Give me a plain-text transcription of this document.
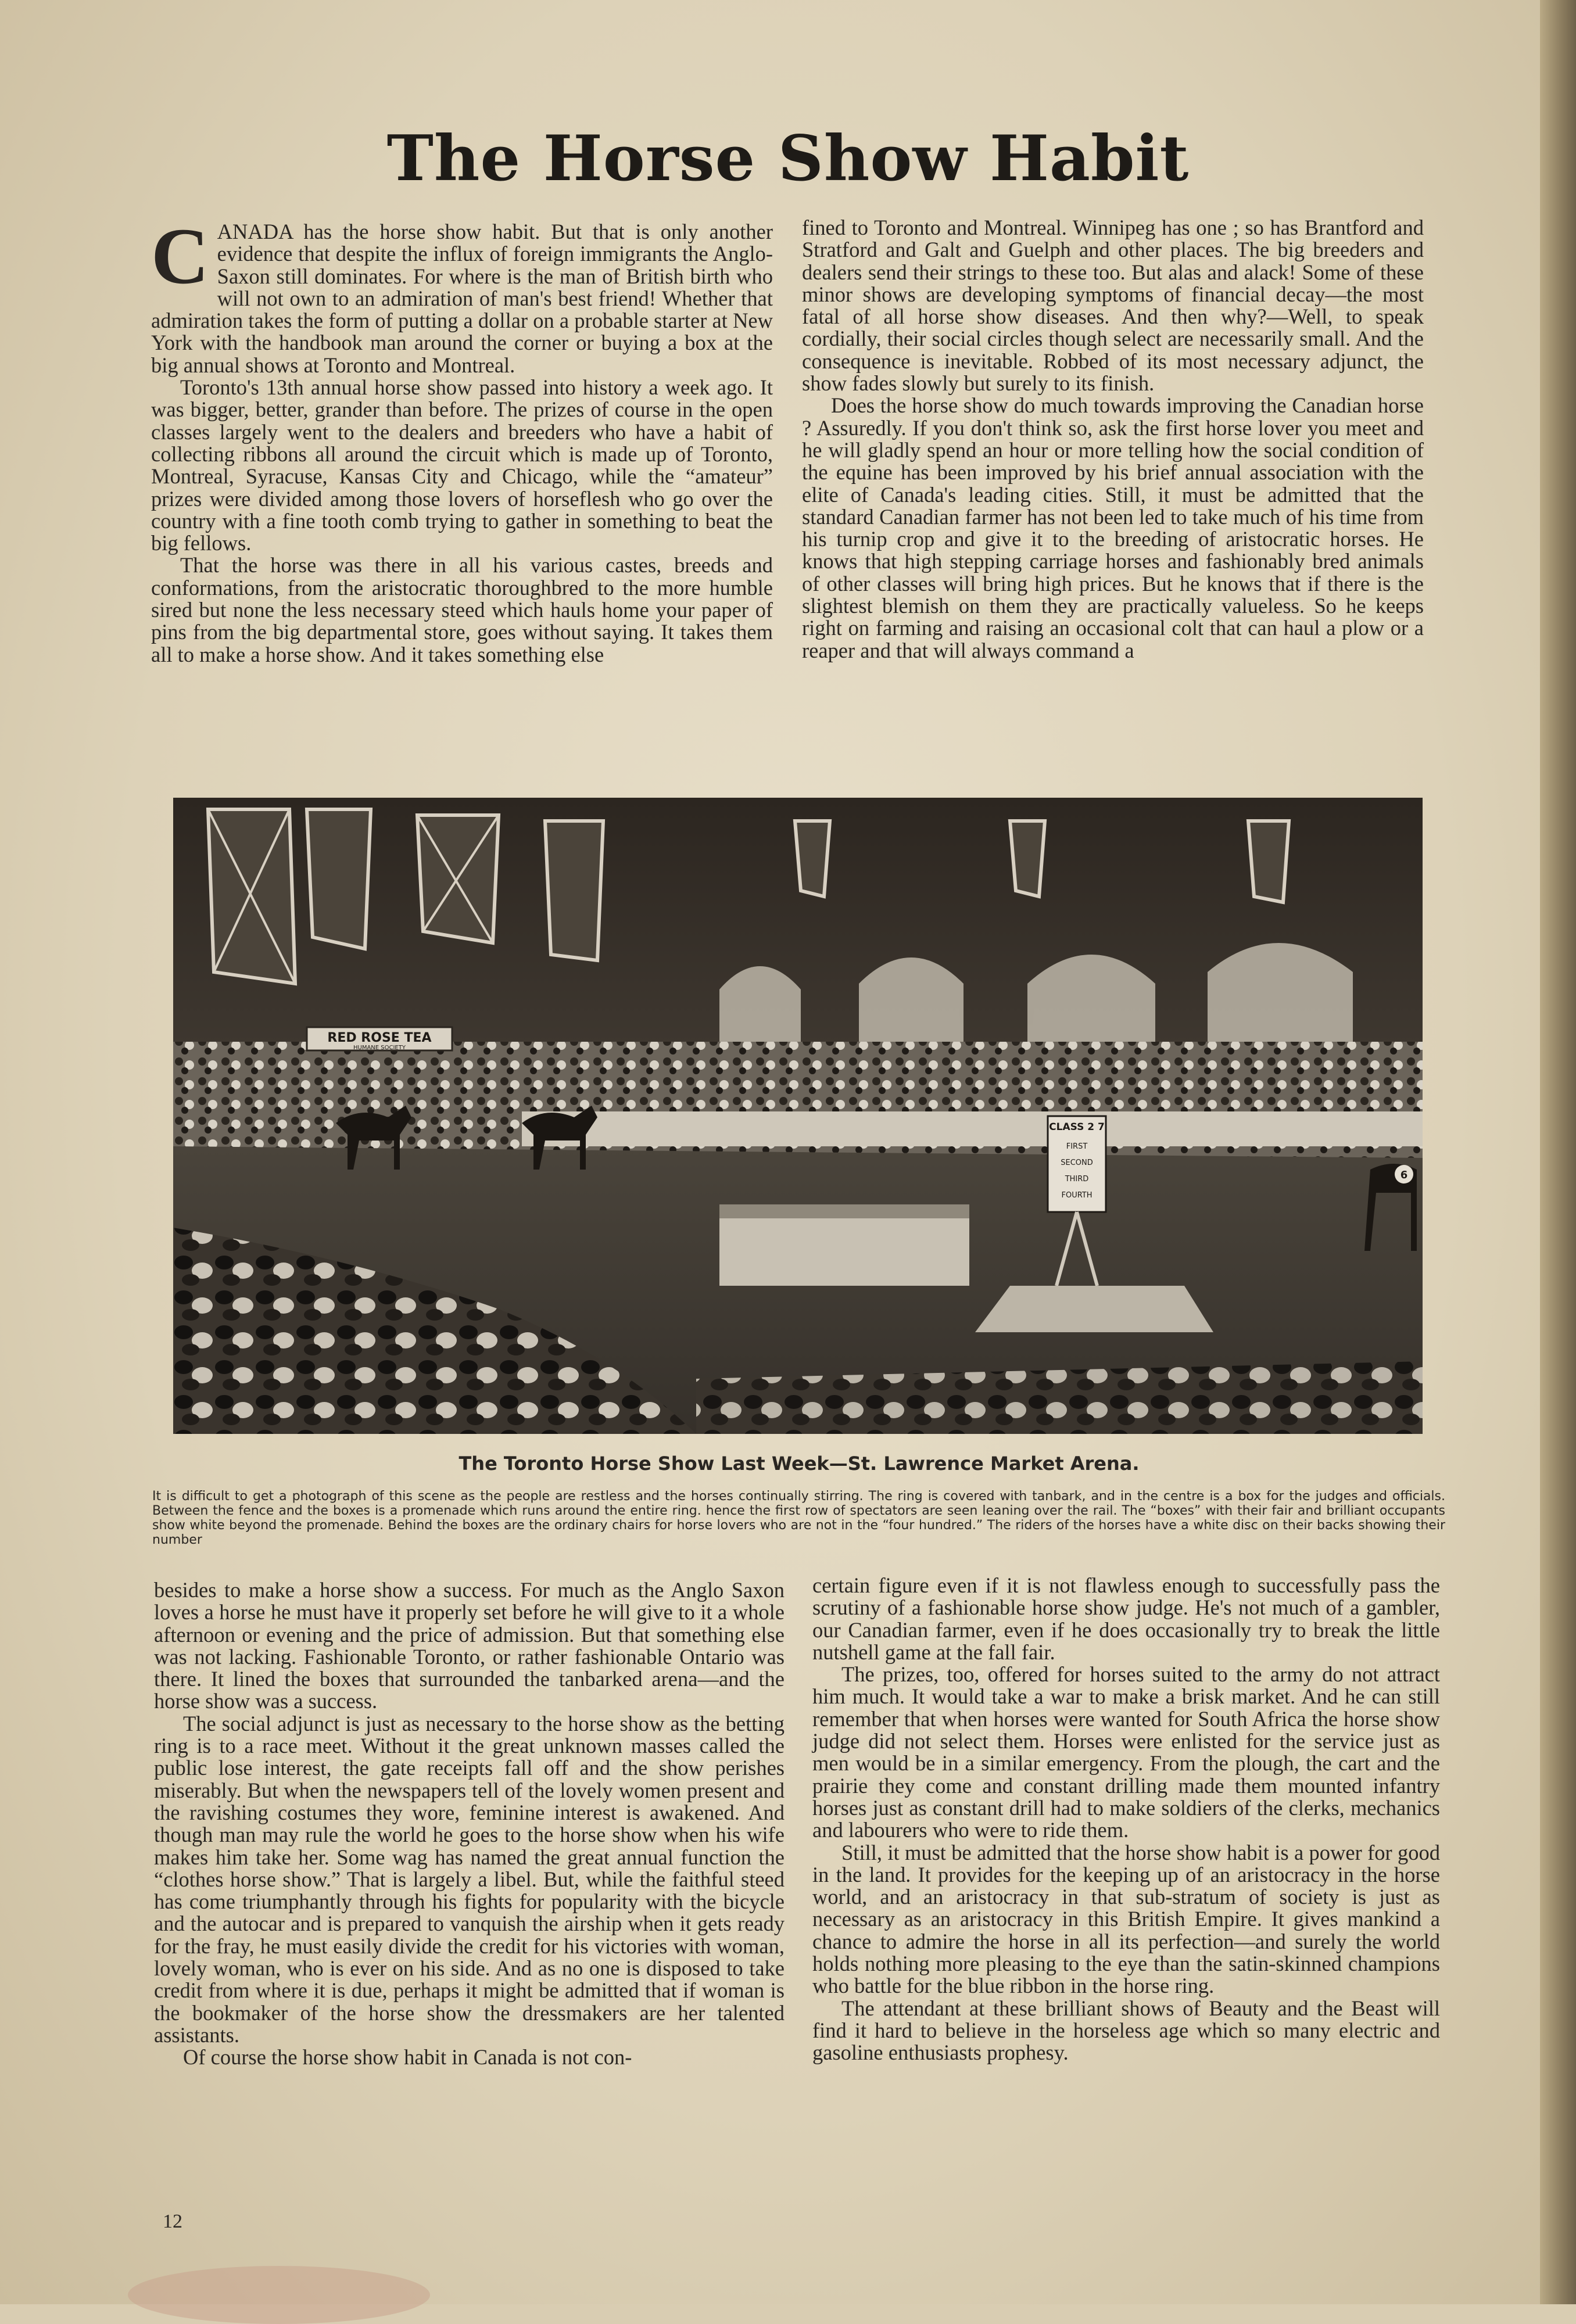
The Horse Show Habit

CANADA has the horse show habit. But that is only another evidence that despite the influx of foreign immigrants the Anglo-Saxon still dominates. For where is the man of British birth who will not own to an admiration of man's best friend! Whether that admiration takes the form of putting a dollar on a probable starter at New York with the handbook man around the corner or buying a box at the big annual shows at Toronto and Montreal.

Toronto's 13th annual horse show passed into history a week ago. It was bigger, better, grander than before. The prizes of course in the open classes largely went to the dealers and breeders who have a habit of collecting ribbons all around the circuit which is made up of Toronto, Montreal, Syracuse, Kansas City and Chicago, while the “amateur” prizes were divided among those lovers of horseflesh who go over the country with a fine tooth comb trying to gather in something to beat the big fellows.

That the horse was there in all his various castes, breeds and conformations, from the aristocratic thoroughbred to the more humble sired but none the less necessary steed which hauls home your paper of pins from the big departmental store, goes without saying. It takes them all to make a horse show. And it takes something else

fined to Toronto and Montreal. Winnipeg has one ; so has Brantford and Stratford and Galt and Guelph and other places. The big breeders and dealers send their strings to these too. But alas and alack! Some of these minor shows are developing symptoms of financial decay—the most fatal of all horse show diseases. And then why?—Well, to speak cordially, their social circles though select are necessarily small. And the consequence is inevitable. Robbed of its most necessary adjunct, the show fades slowly but surely to its finish.

Does the horse show do much towards improving the Canadian horse ? Assuredly. If you don't think so, ask the first horse lover you meet and he will gladly spend an hour or more telling how the social condition of the equine has been improved by his brief annual association with the elite of Canada's leading cities. Still, it must be admitted that the standard Canadian farmer has not been led to take much of his time from his turnip crop and give it to the breeding of aristocratic horses. He knows that high stepping carriage horses and fashionably bred animals of other classes will bring high prices. But he knows that if there is the slightest blemish on them they are practically valueless. So he keeps right on farming and raising an occasional colt that can haul a plow or a reaper and that will always command a

RED ROSE TEA
HUMANE SOCIETY
CLASS 2 7
FIRST
SECOND
THIRD
FOURTH
6
The Toronto Horse Show Last Week—St. Lawrence Market Arena.
It is difficult to get a photograph of this scene as the people are restless and the horses continually stirring. The ring is covered with tanbark, and in the centre is a box for the judges and officials. Between the fence and the boxes is a promenade which runs around the entire ring. hence the first row of spectators are seen leaning over the rail. The “boxes” with their fair and brilliant occupants show white beyond the promenade. Behind the boxes are the ordinary chairs for horse lovers who are not in the “four hundred.” The riders of the horses have a white disc on their backs showing their number

besides to make a horse show a success. For much as the Anglo Saxon loves a horse he must have it properly set before he will give to it a whole afternoon or evening and the price of admission. But that something else was not lacking. Fashionable Toronto, or rather fashionable Ontario was there. It lined the boxes that surrounded the tanbarked arena—and the horse show was a success.

The social adjunct is just as necessary to the horse show as the betting ring is to a race meet. Without it the great unknown masses called the public lose interest, the gate receipts fall off and the show perishes miserably. But when the newspapers tell of the lovely women present and the ravishing costumes they wore, feminine interest is awakened. And though man may rule the world he goes to the horse show when his wife makes him take her. Some wag has named the great annual function the “clothes horse show.” That is largely a libel. But, while the faithful steed has come triumphantly through his fights for popularity with the bicycle and the autocar and is prepared to vanquish the airship when it gets ready for the fray, he must easily divide the credit for his victories with woman, lovely woman, who is ever on his side. And as no one is disposed to take credit from where it is due, perhaps it might be admitted that if woman is the bookmaker of the horse show the dressmakers are her talented assistants.

Of course the horse show habit in Canada is not con-

certain figure even if it is not flawless enough to successfully pass the scrutiny of a fashionable horse show judge. He's not much of a gambler, our Canadian farmer, even if he does occasionally try to break the little nutshell game at the fall fair.

The prizes, too, offered for horses suited to the army do not attract him much. It would take a war to make a brisk market. And he can still remember that when horses were wanted for South Africa the horse show judge did not select them. Horses were enlisted for the service just as men would be in a similar emergency. From the plough, the cart and the prairie they come and constant drilling made them mounted infantry horses just as constant drill had to make soldiers of the clerks, mechanics and labourers who were to ride them.

Still, it must be admitted that the horse show habit is a power for good in the land. It provides for the keeping up of an aristocracy in the horse world, and an aristocracy in that sub-stratum of society is just as necessary as an aristocracy in this British Empire. It gives mankind a chance to admire the horse in all its perfection—and surely the world holds nothing more pleasing to the eye than the satin-skinned champions who battle for the blue ribbon in the horse ring.

The attendant at these brilliant shows of Beauty and the Beast will find it hard to believe in the horseless age which so many electric and gasoline enthusiasts prophesy.

12
